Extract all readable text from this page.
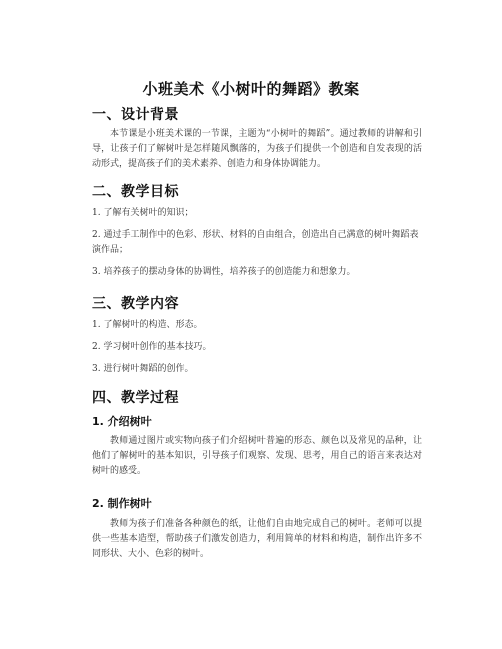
小班美术《小树叶的舞蹈》教案
一、设计背景
本节课是小班美术课的一节课，主题为“小树叶的舞蹈”。通过教师的讲解和引导，让孩子们了解树叶是怎样随风飘落的，为孩子们提供一个创造和自发表现的活动形式，提高孩子们的美术素养、创造力和身体协调能力。
二、教学目标
1. 了解有关树叶的知识；
2. 通过手工制作中的色彩、形状、材料的自由组合，创造出自己满意的树叶舞蹈表演作品；
3. 培养孩子的摆动身体的协调性，培养孩子的创造能力和想象力。
三、教学内容
1. 了解树叶的构造、形态。
2. 学习树叶创作的基本技巧。
3. 进行树叶舞蹈的创作。
四、教学过程
1. 介绍树叶
教师通过图片或实物向孩子们介绍树叶普遍的形态、颜色以及常见的品种，让他们了解树叶的基本知识，引导孩子们观察、发现、思考，用自己的语言来表达对树叶的感受。
2. 制作树叶
教师为孩子们准备各种颜色的纸，让他们自由地完成自己的树叶。老师可以提供一些基本造型，帮助孩子们激发创造力，利用简单的材料和构造，制作出许多不同形状、大小、色彩的树叶。
